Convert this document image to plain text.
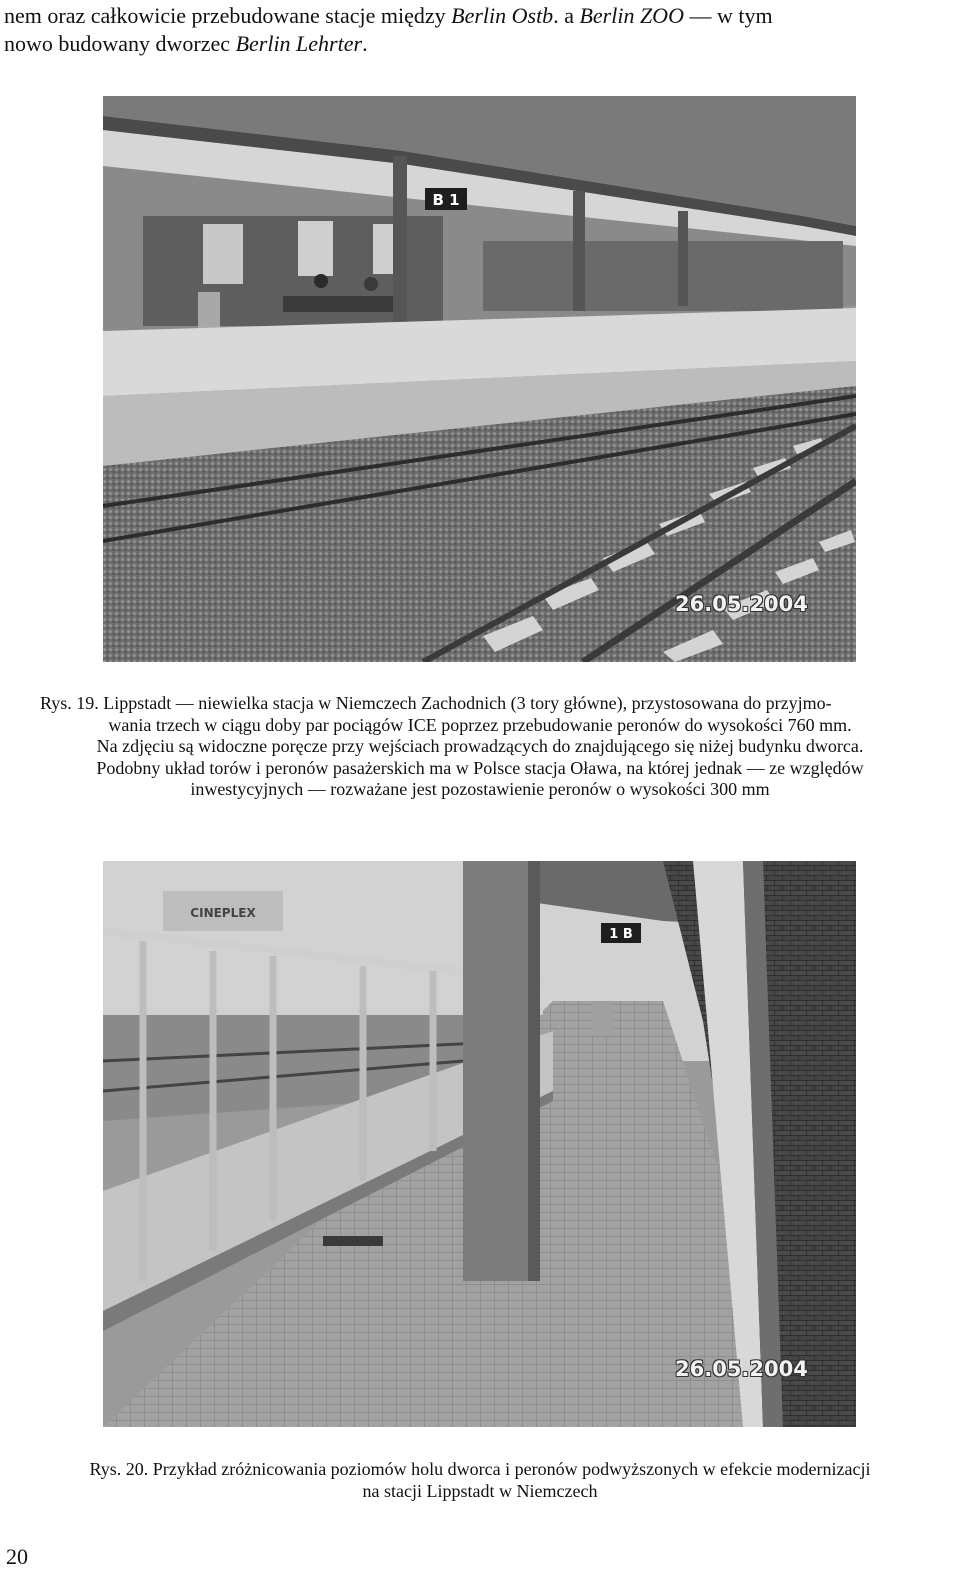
nem oraz całkowicie przebudowane stacje między Berlin Ostb. a Berlin ZOO — w tym
nowo budowany dworzec Berlin Lehrter.
B 1
26.05.2004
Rys. 19. Lippstadt — niewielka stacja w Niemczech Zachodnich (3 tory główne), przystosowana do przyjmo-
wania trzech w ciągu doby par pociągów ICE poprzez przebudowanie peronów do wysokości 760 mm.
Na zdjęciu są widoczne poręcze przy wejściach prowadzących do znajdującego się niżej budynku dworca.
Podobny układ torów i peronów pasażerskich ma w Polsce stacja Oława, na której jednak — ze względów
inwestycyjnych — rozważane jest pozostawienie peronów o wysokości 300 mm
CINEPLEX
1 B
26.05.2004
Rys. 20. Przykład zróżnicowania poziomów holu dworca i peronów podwyższonych w efekcie modernizacji
na stacji Lippstadt w Niemczech
20
